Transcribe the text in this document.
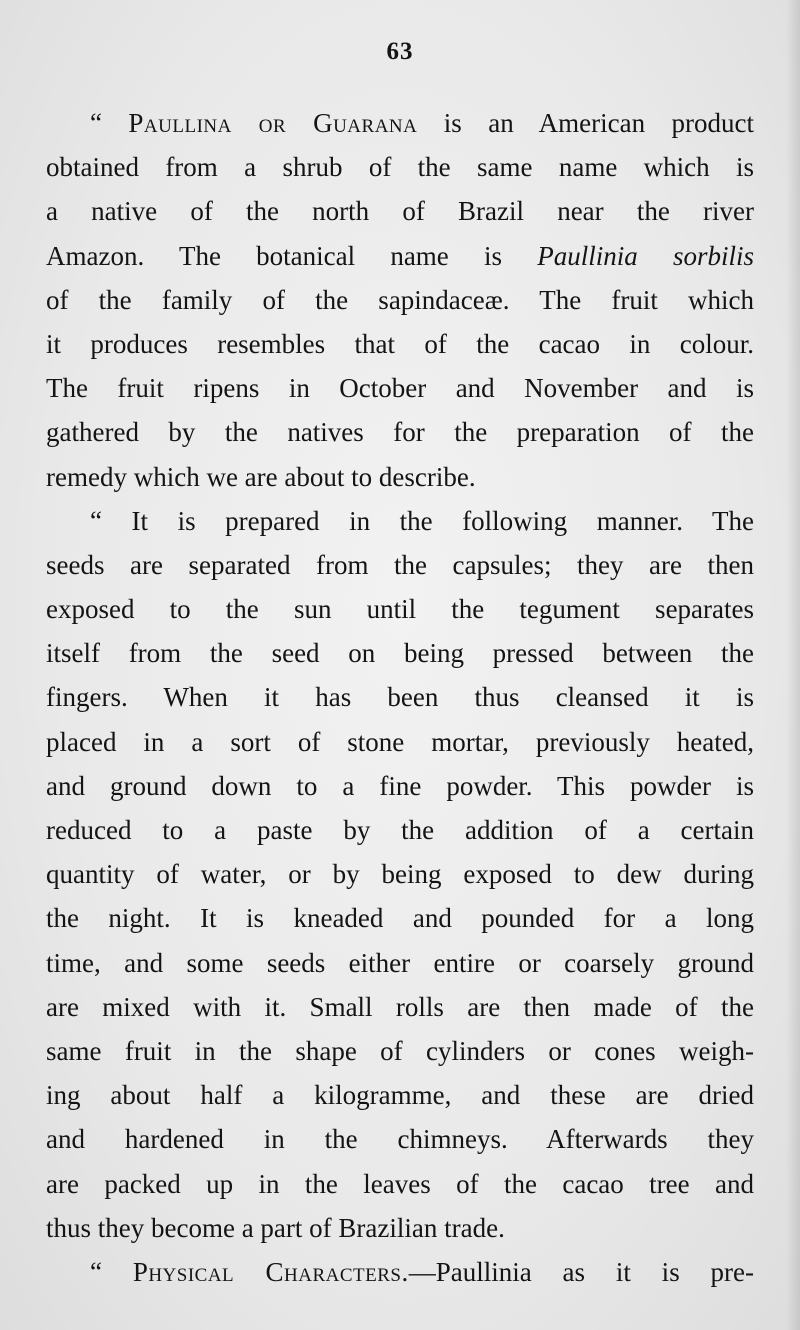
63
“ Paullina or Guarana is an American product
obtained from a shrub of the same name which is
a native of the north of Brazil near the river
Amazon. The botanical name is Paullinia sorbilis
of the family of the sapindaceæ. The fruit which
it produces resembles that of the cacao in colour.
The fruit ripens in October and November and is
gathered by the natives for the preparation of the
remedy which we are about to describe.
“ It is prepared in the following manner. The
seeds are separated from the capsules; they are then
exposed to the sun until the tegument separates
itself from the seed on being pressed between the
fingers. When it has been thus cleansed it is
placed in a sort of stone mortar, previously heated,
and ground down to a fine powder. This powder is
reduced to a paste by the addition of a certain
quantity of water, or by being exposed to dew during
the night. It is kneaded and pounded for a long
time, and some seeds either entire or coarsely ground
are mixed with it. Small rolls are then made of the
same fruit in the shape of cylinders or cones weigh-
ing about half a kilogramme, and these are dried
and hardened in the chimneys. Afterwards they
are packed up in the leaves of the cacao tree and
thus they become a part of Brazilian trade.
“ Physical Characters.—Paullinia as it is pre-
